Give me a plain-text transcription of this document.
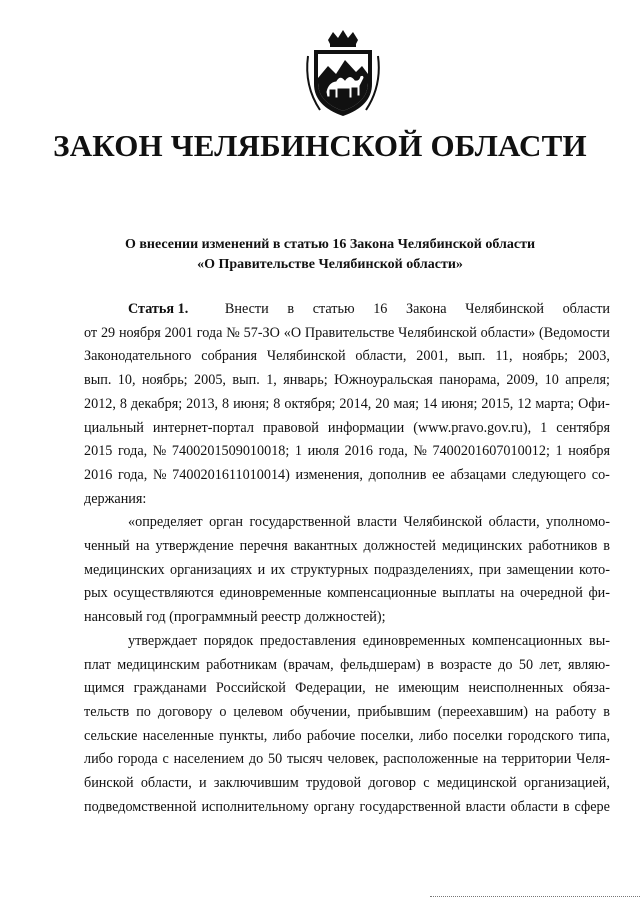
ЗАКОН ЧЕЛЯБИНСКОЙ ОБЛАСТИ
О внесении изменений в статью 16 Закона Челябинской области
«О Правительстве Челябинской области»
Статья 1.	Внести в статью 16 Закона Челябинской области
от 29 ноября 2001 года № 57-ЗО «О Правительстве Челябинской области» (Ведомости
Законодательного собрания Челябинской области, 2001, вып. 11, ноябрь; 2003,
вып. 10, ноябрь; 2005, вып. 1, январь; Южноуральская панорама, 2009, 10 апреля;
2012, 8 декабря; 2013, 8 июня; 8 октября; 2014, 20 мая; 14 июня; 2015, 12 марта; Офи-
циальный интернет-портал правовой информации (www.pravo.gov.ru), 1 сентября
2015 года, № 7400201509010018; 1 июля 2016 года, № 7400201607010012; 1 ноября
2016 года, № 7400201611010014) изменения, дополнив ее абзацами следующего со-
держания:
«определяет орган государственной власти Челябинской области, уполномо-
ченный на утверждение перечня вакантных должностей медицинских работников в
медицинских организациях и их структурных подразделениях, при замещении кото-
рых осуществляются единовременные компенсационные выплаты на очередной фи-
нансовый год (программный реестр должностей);
утверждает порядок предоставления единовременных компенсационных вы-
плат медицинским работникам (врачам, фельдшерам) в возрасте до 50 лет, являю-
щимся гражданами Российской Федерации, не имеющим неисполненных обяза-
тельств по договору о целевом обучении, прибывшим (переехавшим) на работу в
сельские населенные пункты, либо рабочие поселки, либо поселки городского типа,
либо города с населением до 50 тысяч человек, расположенные на территории Челя-
бинской области, и заключившим трудовой договор с медицинской организацией,
подведомственной исполнительному органу государственной власти области в сфере
